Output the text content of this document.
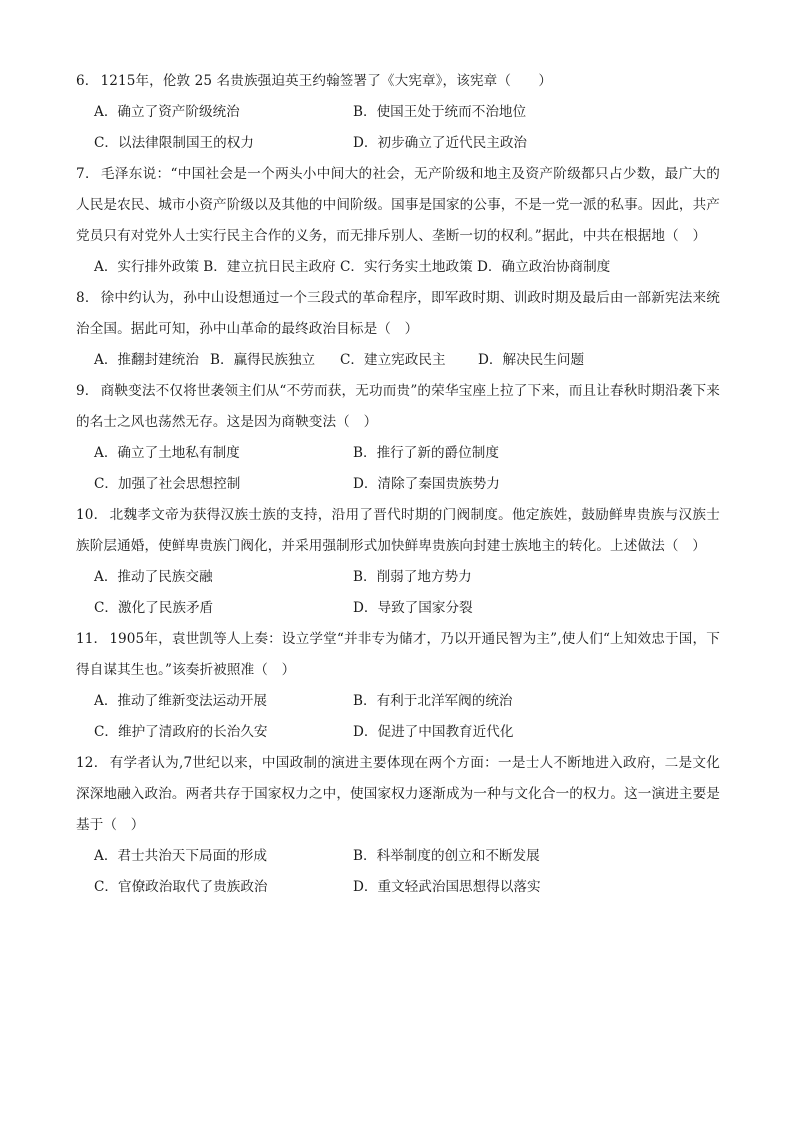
6． 1215年，伦敦 25 名贵族强迫英王约翰签署了《大宪章》，该宪章（　　）

A．确立了资产阶级统治	B．使国王处于统而不治地位
C．以法律限制国王的权力	D．初步确立了近代民主政治

7． 毛泽东说：“中国社会是一个两头小中间大的社会，无产阶级和地主及资产阶级都只占少数，最广大的人民是农民、城市小资产阶级以及其他的中间阶级。国事是国家的公事，不是一党一派的私事。因此，共产党员只有对党外人士实行民主合作的义务，而无排斥别人、垄断一切的权利。”据此，中共在根据地（　）

A．实行排外政策 B．建立抗日民主政府 C．实行务实土地政策 D．确立政治协商制度

8． 徐中约认为，孙中山设想通过一个三段式的革命程序，即军政时期、训政时期及最后由一部新宪法来统治全国。据此可知，孙中山革命的最终政治目标是（　）

A．推翻封建统治 B．赢得民族独立	C．建立宪政民主	D．解决民生问题

9． 商鞅变法不仅将世袭领主们从“不劳而获，无功而贵”的荣华宝座上拉了下来，而且让春秋时期沿袭下来的名士之风也荡然无存。这是因为商鞅变法（　）

A．确立了土地私有制度	B．推行了新的爵位制度
C．加强了社会思想控制	D．清除了秦国贵族势力

10． 北魏孝文帝为获得汉族士族的支持，沿用了晋代时期的门阀制度。他定族姓，鼓励鲜卑贵族与汉族士族阶层通婚，使鲜卑贵族门阀化，并采用强制形式加快鲜卑贵族向封建士族地主的转化。上述做法（　）

A．推动了民族交融	B．削弱了地方势力
C．激化了民族矛盾	D．导致了国家分裂

11． 1905年，袁世凯等人上奏：设立学堂“并非专为储才，乃以开通民智为主”,使人们“上知效忠于国，下得自谋其生也。”该奏折被照准（　）

A．推动了维新变法运动开展	B．有利于北洋军阀的统治
C．维护了清政府的长治久安	D．促进了中国教育近代化

12． 有学者认为,7世纪以来，中国政制的演进主要体现在两个方面：一是士人不断地进入政府，二是文化深深地融入政治。两者共存于国家权力之中，使国家权力逐渐成为一种与文化合一的权力。这一演进主要是基于（　）

A．君士共治天下局面的形成	B．科举制度的创立和不断发展
C．官僚政治取代了贵族政治	D．重文轻武治国思想得以落实
